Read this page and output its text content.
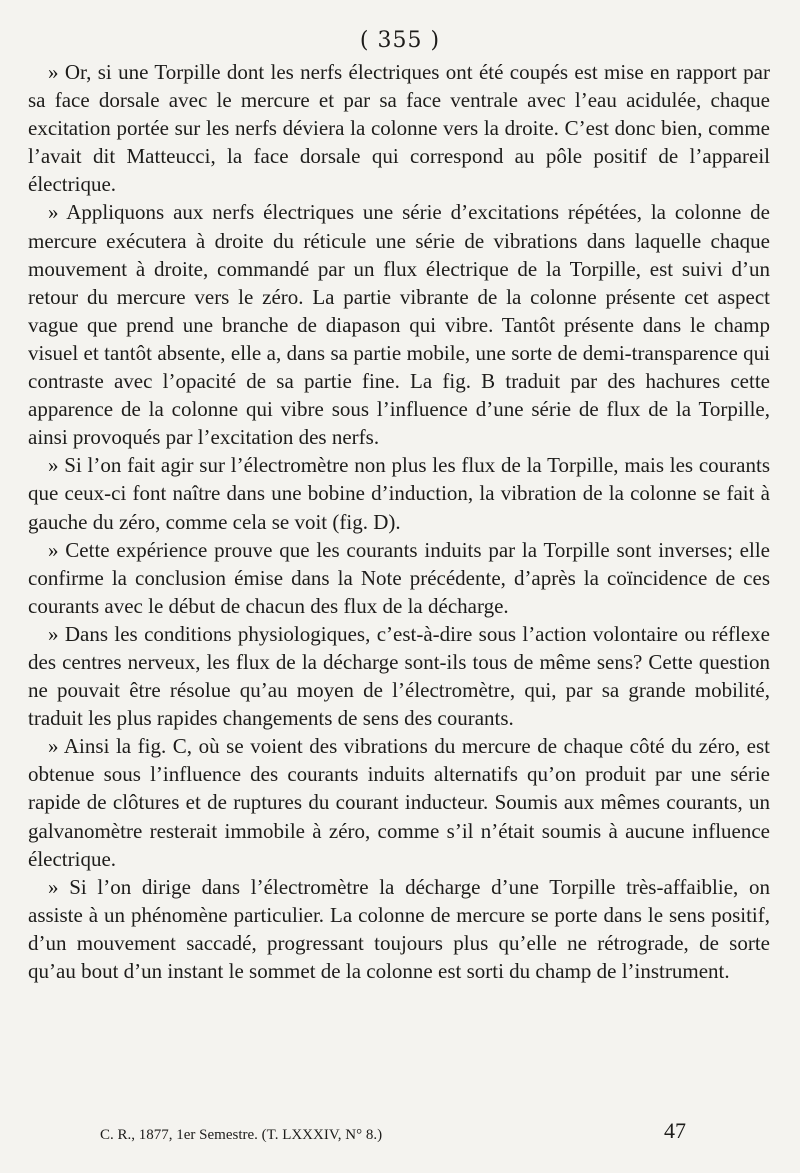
( 355 )

» Or, si une Torpille dont les nerfs électriques ont été coupés est mise en rapport par sa face dorsale avec le mercure et par sa face ventrale avec l’eau acidulée, chaque excitation portée sur les nerfs déviera la colonne vers la droite. C’est donc bien, comme l’avait dit Matteucci, la face dorsale qui correspond au pôle positif de l’appareil électrique.

» Appliquons aux nerfs électriques une série d’excitations répétées, la colonne de mercure exécutera à droite du réticule une série de vibrations dans laquelle chaque mouvement à droite, commandé par un flux électrique de la Torpille, est suivi d’un retour du mercure vers le zéro. La partie vibrante de la colonne présente cet aspect vague que prend une branche de diapason qui vibre. Tantôt présente dans le champ visuel et tantôt absente, elle a, dans sa partie mobile, une sorte de demi-transparence qui contraste avec l’opacité de sa partie fine. La fig. B traduit par des hachures cette apparence de la colonne qui vibre sous l’influence d’une série de flux de la Torpille, ainsi provoqués par l’excitation des nerfs.

» Si l’on fait agir sur l’électromètre non plus les flux de la Torpille, mais les courants que ceux-ci font naître dans une bobine d’induction, la vibration de la colonne se fait à gauche du zéro, comme cela se voit (fig. D).

» Cette expérience prouve que les courants induits par la Torpille sont inverses; elle confirme la conclusion émise dans la Note précédente, d’après la coïncidence de ces courants avec le début de chacun des flux de la décharge.

» Dans les conditions physiologiques, c’est-à-dire sous l’action volontaire ou réflexe des centres nerveux, les flux de la décharge sont-ils tous de même sens? Cette question ne pouvait être résolue qu’au moyen de l’électromètre, qui, par sa grande mobilité, traduit les plus rapides changements de sens des courants.

» Ainsi la fig. C, où se voient des vibrations du mercure de chaque côté du zéro, est obtenue sous l’influence des courants induits alternatifs qu’on produit par une série rapide de clôtures et de ruptures du courant inducteur. Soumis aux mêmes courants, un galvanomètre resterait immobile à zéro, comme s’il n’était soumis à aucune influence électrique.

» Si l’on dirige dans l’électromètre la décharge d’une Torpille très-affaiblie, on assiste à un phénomène particulier. La colonne de mercure se porte dans le sens positif, d’un mouvement saccadé, progressant toujours plus qu’elle ne rétrograde, de sorte qu’au bout d’un instant le sommet de la colonne est sorti du champ de l’instrument.

C. R., 1877, 1er Semestre. (T. LXXXIV, N° 8.)	47
